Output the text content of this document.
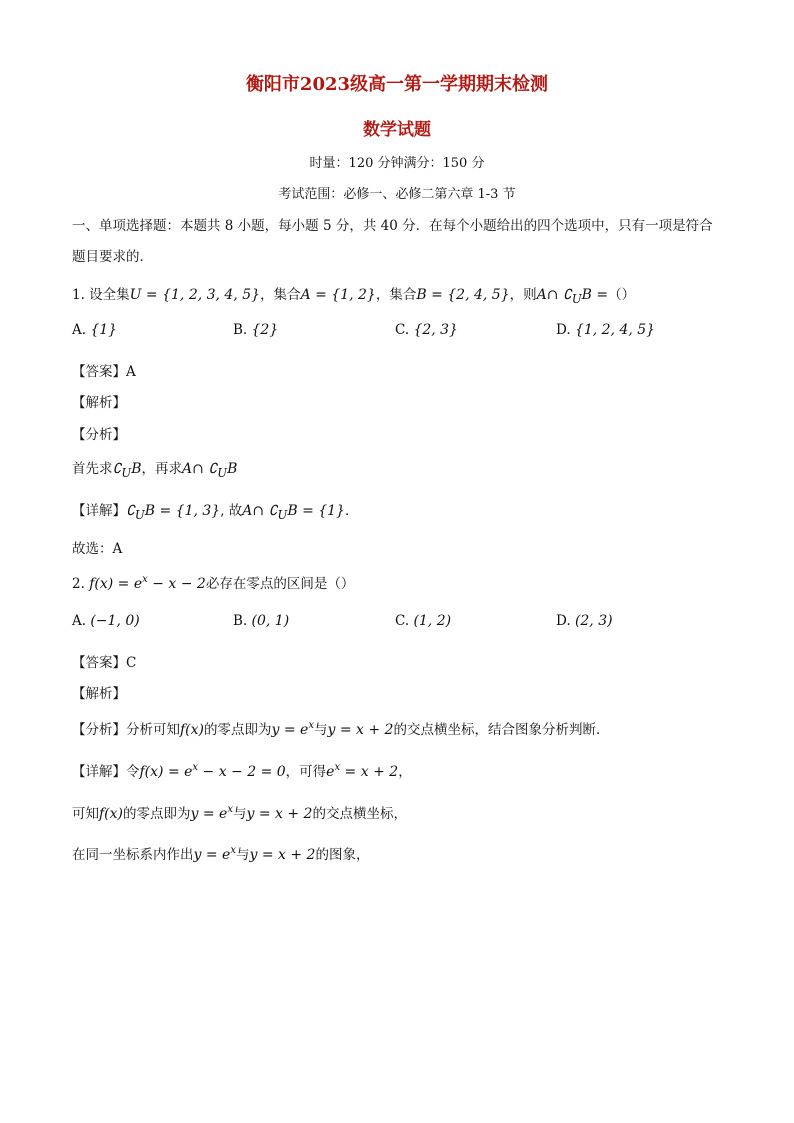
衡阳市2023级高一第一学期期末检测
数学试题
时量：120 分钟满分：150 分
考试范围：必修一、必修二第六章 1-3 节
一、单项选择题：本题共 8 小题，每小题 5 分，共 40 分．在每个小题给出的四个选项中，只有一项是符合
题目要求的．
1. 设全集U = {1, 2, 3, 4, 5}，集合A = {1, 2}，集合B = {2, 4, 5}，则A∩ $∁_UB$ =（）
A. {1}	B. {2}	C. {2, 3}	D. {1, 2, 4, 5}
【答案】A
【解析】
【分析】
首先求$∁_UB$，再求A∩ $∁_UB$
【详解】$∁_UB = \{1$, 3}, 故A∩ $∁_UB = \{1\}$．
故选：A
2. $f(x) = e^x - x - 2$必存在零点的区间是（）
A. (−1, 0)	B. (0, 1)	C. (1, 2)	D. (2, 3)
【答案】C
【解析】
【分析】分析可知f(x)的零点即为$y = e^x$与y = x + 2的交点横坐标，结合图象分析判断．
【详解】令$f(x) = e^x - x - 2 = 0$，可得$e^x = x + 2$，
可知f(x)的零点即为$y = e^x$与y = x + 2的交点横坐标，
在同一坐标系内作出$y = e^x$与y = x + 2的图象，
